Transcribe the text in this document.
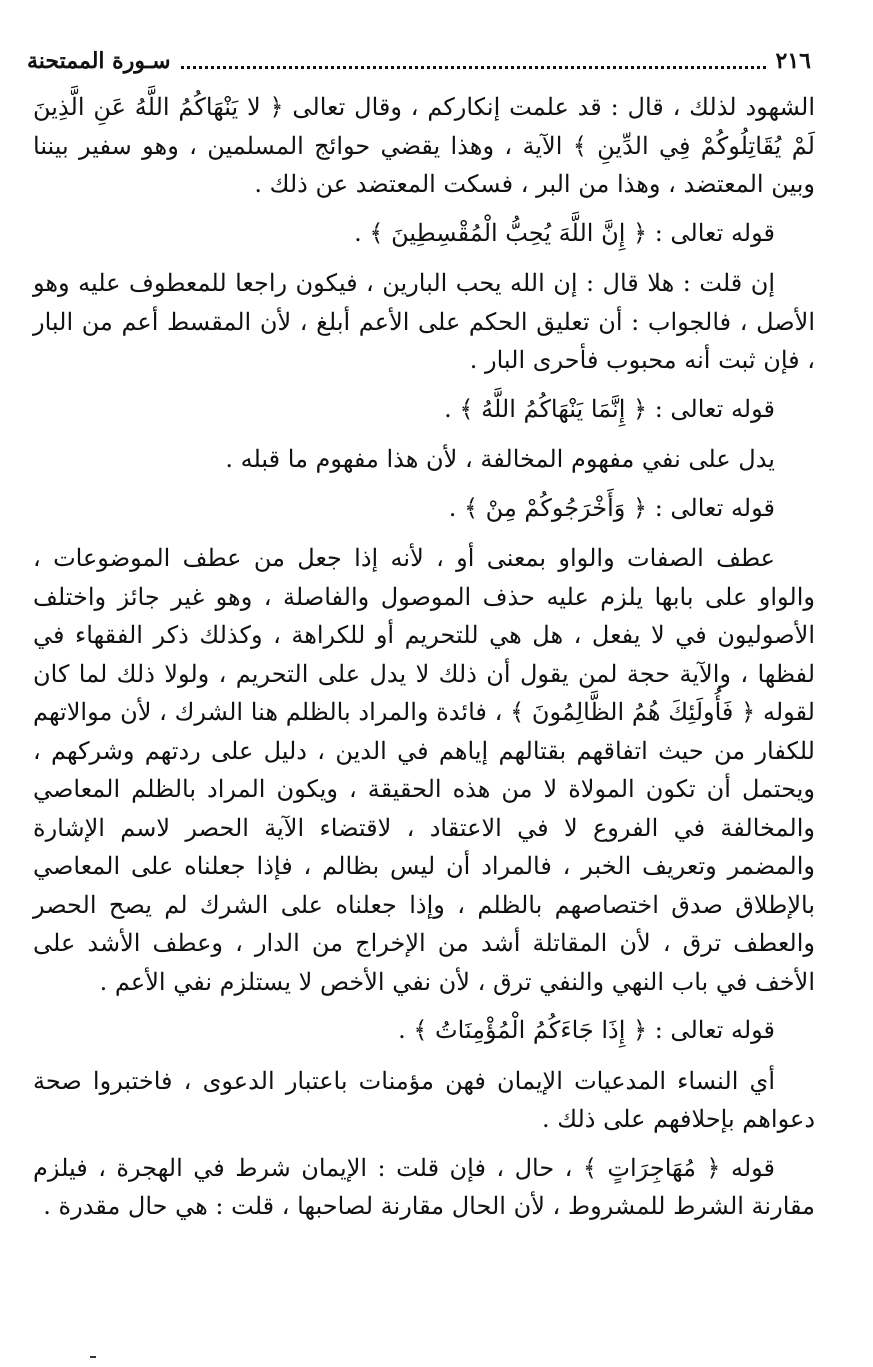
٢١٦
سـورة الممتحنة

الشهود لذلك ، قال : قد علمت إنكاركم ، وقال تعالى ﴿ لا يَنْهَاكُمُ اللَّهُ عَنِ الَّذِينَ لَمْ يُقَاتِلُوكُمْ فِي الدِّينِ ﴾ الآية ، وهذا يقضي حوائج المسلمين ، وهو سفير بيننا وبين المعتضد ، وهذا من البر ، فسكت المعتضد عن ذلك .

قوله تعالى : ﴿ إِنَّ اللَّهَ يُحِبُّ الْمُقْسِطِينَ ﴾ .

إن قلت : هلا قال : إن الله يحب البارين ، فيكون راجعا للمعطوف عليه وهو الأصل ، فالجواب : أن تعليق الحكم على الأعم أبلغ ، لأن المقسط أعم من البار ، فإن ثبت أنه محبوب فأحرى البار .

قوله تعالى : ﴿ إِنَّمَا يَنْهَاكُمُ اللَّهُ ﴾ .

يدل على نفي مفهوم المخالفة ، لأن هذا مفهوم ما قبله .

قوله تعالى : ﴿ وَأَخْرَجُوكُمْ مِنْ ﴾ .

عطف الصفات والواو بمعنى أو ، لأنه إذا جعل من عطف الموضوعات ، والواو على بابها يلزم عليه حذف الموصول والفاصلة ، وهو غير جائز واختلف الأصوليون في لا يفعل ، هل هي للتحريم أو للكراهة ، وكذلك ذكر الفقهاء في لفظها ، والآية حجة لمن يقول أن ذلك لا يدل على التحريم ، ولولا ذلك لما كان لقوله ﴿ فَأُولَئِكَ هُمُ الظَّالِمُونَ ﴾ ، فائدة والمراد بالظلم هنا الشرك ، لأن موالاتهم للكفار من حيث اتفاقهم بقتالهم إياهم في الدين ، دليل على ردتهم وشركهم ، ويحتمل أن تكون المولاة لا من هذه الحقيقة ، ويكون المراد بالظلم المعاصي والمخالفة في الفروع لا في الاعتقاد ، لاقتضاء الآية الحصر لاسم الإشارة والمضمر وتعريف الخبر ، فالمراد أن ليس بظالم ، فإذا جعلناه على المعاصي بالإطلاق صدق اختصاصهم بالظلم ، وإذا جعلناه على الشرك لم يصح الحصر والعطف ترق ، لأن المقاتلة أشد من الإخراج من الدار ، وعطف الأشد على الأخف في باب النهي والنفي ترق ، لأن نفي الأخص لا يستلزم نفي الأعم .

قوله تعالى : ﴿ إِذَا جَاءَكُمُ الْمُؤْمِنَاتُ ﴾ .

أي النساء المدعيات الإيمان فهن مؤمنات باعتبار الدعوى ، فاختبروا صحة دعواهم بإحلافهم على ذلك .

قوله ﴿ مُهَاجِرَاتٍ ﴾ ، حال ، فإن قلت : الإيمان شرط في الهجرة ، فيلزم مقارنة الشرط للمشروط ، لأن الحال مقارنة لصاحبها ، قلت : هي حال مقدرة .
